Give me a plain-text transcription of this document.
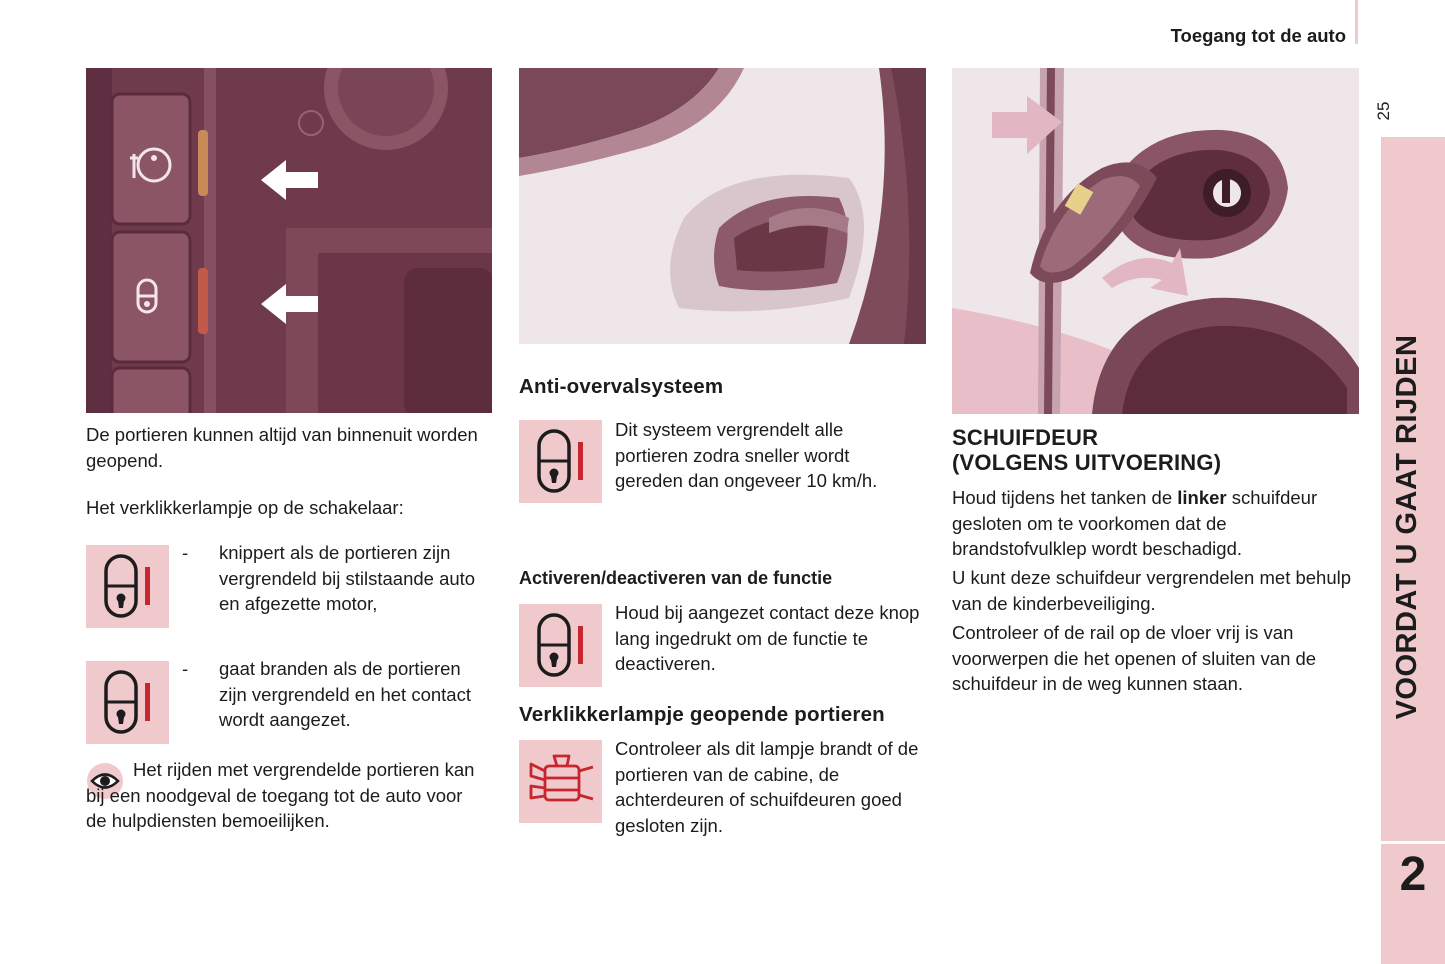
Toegang tot de auto
25
VOORDAT U GAAT RIJDEN
2

De portieren kunnen altijd van binnenuit worden geopend.

Het verklikkerlampje op de schakelaar:

- knippert als de portieren zijn vergrendeld bij stilstaande auto en afgezette motor,

- gaat branden als de portieren zijn vergrendeld en het contact wordt aangezet.

Het rijden met vergrendelde portieren kan bij een noodgeval de toegang tot de auto voor de hulpdiensten bemoeilijken.

Anti-overvalsysteem

Dit systeem vergrendelt alle portieren zodra sneller wordt gereden dan ongeveer 10 km/h.

Activeren/deactiveren van de functie

Houd bij aangezet contact deze knop lang ingedrukt om de functie te deactiveren.

Verklikkerlampje geopende portieren

Controleer als dit lampje brandt of de portieren van de cabine, de achterdeuren of schuifdeuren goed gesloten zijn.

SCHUIFDEUR
(VOLGENS UITVOERING)

Houd tijdens het tanken de linker schuifdeur gesloten om te voorkomen dat de brandstofvulklep wordt beschadigd.

U kunt deze schuifdeur vergrendelen met behulp van de kinderbeveiliging.

Controleer of de rail op de vloer vrij is van voorwerpen die het openen of sluiten van de schuifdeur in de weg kunnen staan.
